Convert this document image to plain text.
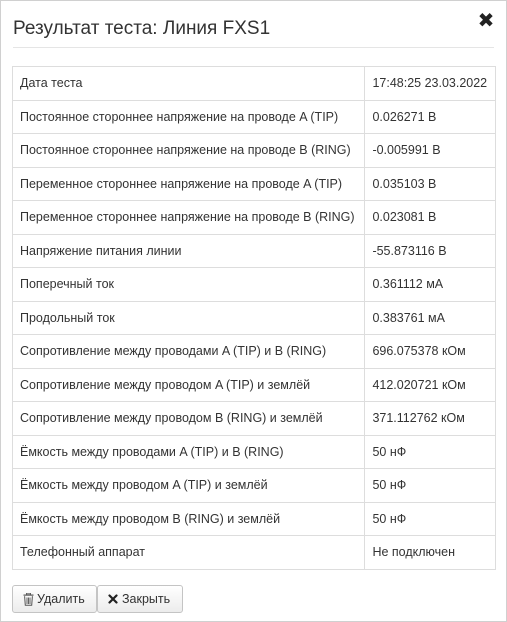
Результат теста: Линия FXS1	✖
Дата теста	17:48:25 23.03.2022
Постоянное стороннее напряжение на проводе A (TIP)	0.026271 В
Постоянное стороннее напряжение на проводе B (RING)	-0.005991 В
Переменное стороннее напряжение на проводе A (TIP)	0.035103 В
Переменное стороннее напряжение на проводе B (RING)	0.023081 В
Напряжение питания линии	-55.873116 В
Поперечный ток	0.361112 мА
Продольный ток	0.383761 мА
Сопротивление между проводами A (TIP) и B (RING)	696.075378 кОм
Сопротивление между проводом A (TIP) и землёй	412.020721 кОм
Сопротивление между проводом B (RING) и землёй	371.112762 кОм
Ёмкость между проводами A (TIP) и B (RING)	50 нФ
Ёмкость между проводом A (TIP) и землёй	50 нФ
Ёмкость между проводом B (RING) и землёй	50 нФ
Телефонный аппарат	Не подключен
Удалить	Закрыть
